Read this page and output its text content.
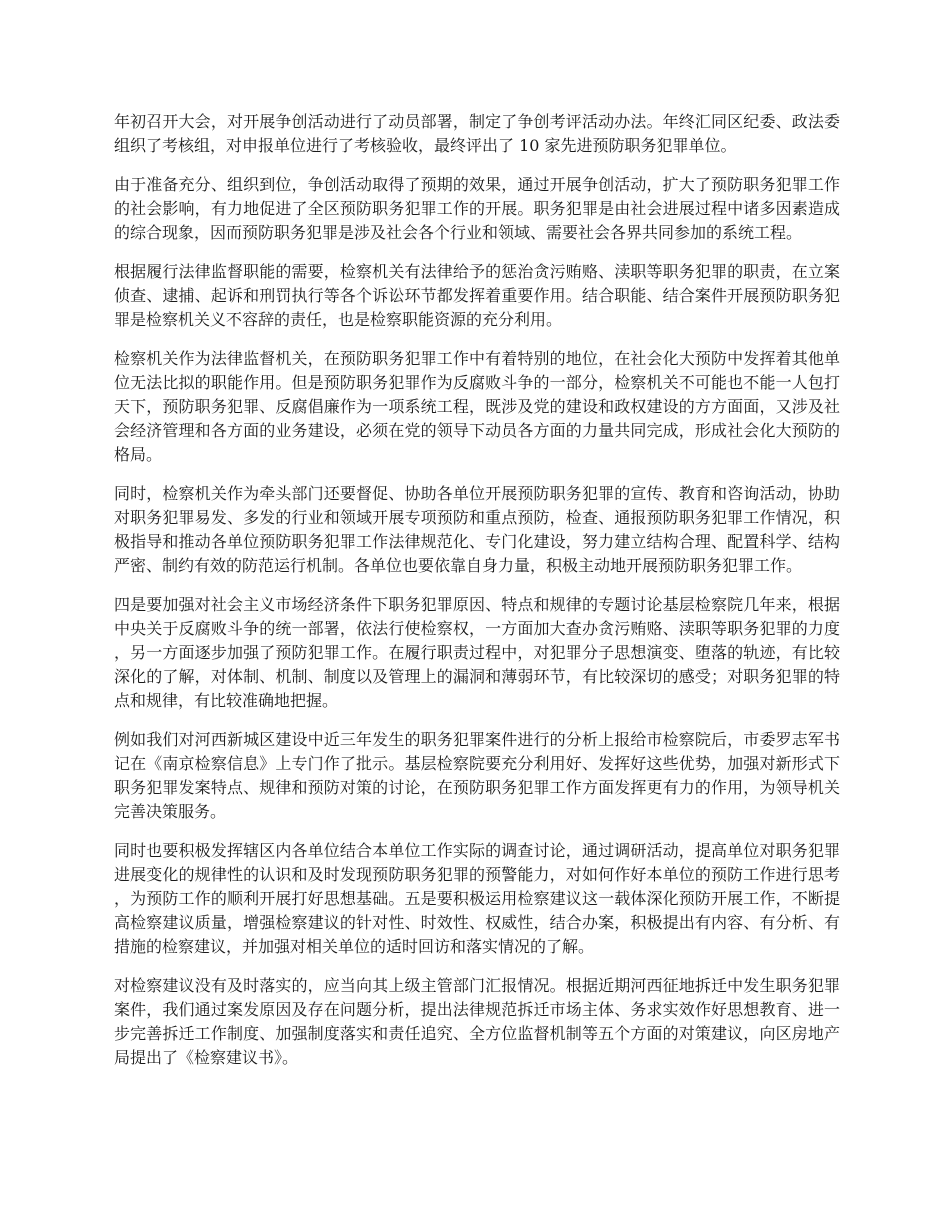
年初召开大会，对开展争创活动进行了动员部署，制定了争创考评活动办法。年终汇同区纪委、政法委组织了考核组，对申报单位进行了考核验收，最终评出了 10 家先进预防职务犯罪单位。

由于准备充分、组织到位，争创活动取得了预期的效果，通过开展争创活动，扩大了预防职务犯罪工作的社会影响，有力地促进了全区预防职务犯罪工作的开展。职务犯罪是由社会进展过程中诸多因素造成的综合现象，因而预防职务犯罪是涉及社会各个行业和领域、需要社会各界共同参加的系统工程。

根据履行法律监督职能的需要，检察机关有法律给予的惩治贪污贿赂、渎职等职务犯罪的职责，在立案侦查、逮捕、起诉和刑罚执行等各个诉讼环节都发挥着重要作用。结合职能、结合案件开展预防职务犯罪是检察机关义不容辞的责任，也是检察职能资源的充分利用。

检察机关作为法律监督机关，在预防职务犯罪工作中有着特别的地位，在社会化大预防中发挥着其他单位无法比拟的职能作用。但是预防职务犯罪作为反腐败斗争的一部分，检察机关不可能也不能一人包打天下，预防职务犯罪、反腐倡廉作为一项系统工程，既涉及党的建设和政权建设的方方面面，又涉及社会经济管理和各方面的业务建设，必须在党的领导下动员各方面的力量共同完成，形成社会化大预防的格局。

同时，检察机关作为牵头部门还要督促、协助各单位开展预防职务犯罪的宣传、教育和咨询活动，协助对职务犯罪易发、多发的行业和领域开展专项预防和重点预防，检查、通报预防职务犯罪工作情况，积极指导和推动各单位预防职务犯罪工作法律规范化、专门化建设，努力建立结构合理、配置科学、结构严密、制约有效的防范运行机制。各单位也要依靠自身力量，积极主动地开展预防职务犯罪工作。

四是要加强对社会主义市场经济条件下职务犯罪原因、特点和规律的专题讨论基层检察院几年来，根据中央关于反腐败斗争的统一部署，依法行使检察权，一方面加大查办贪污贿赂、渎职等职务犯罪的力度，另一方面逐步加强了预防犯罪工作。在履行职责过程中，对犯罪分子思想演变、堕落的轨迹，有比较深化的了解，对体制、机制、制度以及管理上的漏洞和薄弱环节，有比较深切的感受；对职务犯罪的特点和规律，有比较准确地把握。

例如我们对河西新城区建设中近三年发生的职务犯罪案件进行的分析上报给市检察院后，市委罗志军书记在《南京检察信息》上专门作了批示。基层检察院要充分利用好、发挥好这些优势，加强对新形式下职务犯罪发案特点、规律和预防对策的讨论，在预防职务犯罪工作方面发挥更有力的作用，为领导机关完善决策服务。

同时也要积极发挥辖区内各单位结合本单位工作实际的调查讨论，通过调研活动，提高单位对职务犯罪进展变化的规律性的认识和及时发现预防职务犯罪的预警能力，对如何作好本单位的预防工作进行思考，为预防工作的顺利开展打好思想基础。五是要积极运用检察建议这一载体深化预防开展工作，不断提高检察建议质量，增强检察建议的针对性、时效性、权威性，结合办案，积极提出有内容、有分析、有措施的检察建议，并加强对相关单位的适时回访和落实情况的了解。

对检察建议没有及时落实的，应当向其上级主管部门汇报情况。根据近期河西征地拆迁中发生职务犯罪案件，我们通过案发原因及存在问题分析，提出法律规范拆迁市场主体、务求实效作好思想教育、进一步完善拆迁工作制度、加强制度落实和责任追究、全方位监督机制等五个方面的对策建议，向区房地产局提出了《检察建议书》。
